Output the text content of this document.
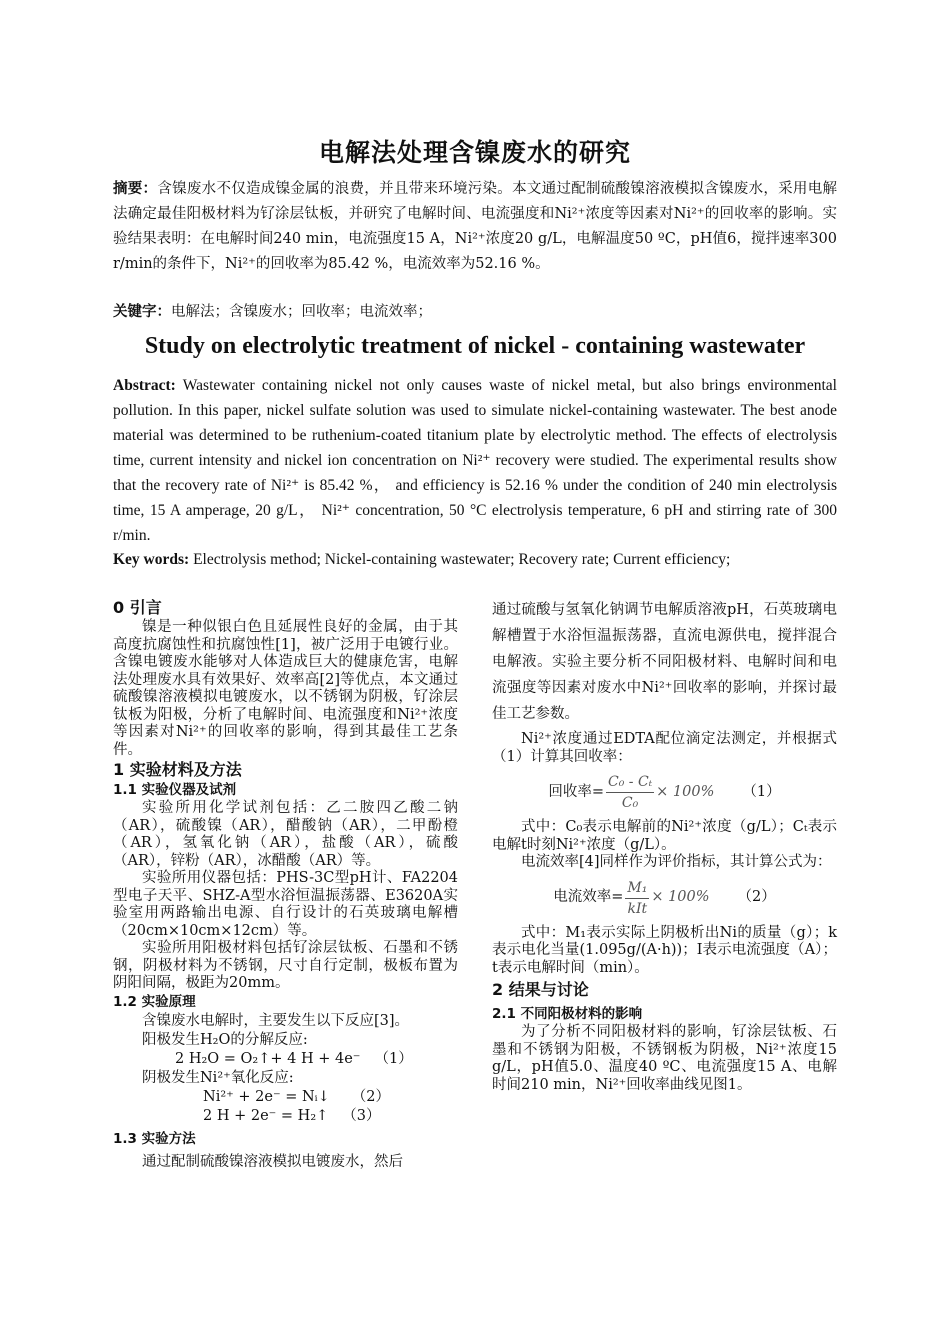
电解法处理含镍废水的研究
摘要：含镍废水不仅造成镍金属的浪费，并且带来环境污染。本文通过配制硫酸镍溶液模拟含镍废水，采用电解法确定最佳阳极材料为钌涂层钛板，并研究了电解时间、电流强度和Ni²⁺浓度等因素对Ni²⁺的回收率的影响。实验结果表明：在电解时间240 min，电流强度15 A，Ni²⁺浓度20 g/L，电解温度50 ºC，pH值6，搅拌速率300 r/min的条件下，Ni²⁺的回收率为85.42 %，电流效率为52.16 %。
关键字：电解法；含镍废水；回收率；电流效率；
Study on electrolytic treatment of nickel - containing wastewater
Abstract: Wastewater containing nickel not only causes waste of nickel metal, but also brings environmental pollution. In this paper, nickel sulfate solution was used to simulate nickel-containing wastewater. The best anode material was determined to be ruthenium-coated titanium plate by electrolytic method. The effects of electrolysis time, current intensity and nickel ion concentration on Ni²⁺ recovery were studied. The experimental results show that the recovery rate of Ni²⁺ is 85.42 %， and efficiency is 52.16 % under the condition of 240 min electrolysis time, 15 A amperage, 20 g/L， Ni²⁺ concentration, 50 °C electrolysis temperature, 6 pH and stirring rate of 300 r/min.
Key words: Electrolysis method; Nickel-containing wastewater; Recovery rate; Current efficiency;
0 引言
镍是一种似银白色且延展性良好的金属，由于其高度抗腐蚀性和抗腐蚀性[1]，被广泛用于电镀行业。含镍电镀废水能够对人体造成巨大的健康危害，电解法处理废水具有效果好、效率高[2]等优点，本文通过硫酸镍溶液模拟电镀废水，以不锈钢为阴极，钌涂层钛板为阳极，分析了电解时间、电流强度和Ni²⁺浓度等因素对Ni²⁺的回收率的影响，得到其最佳工艺条件。
1 实验材料及方法
1.1 实验仪器及试剂
实验所用化学试剂包括：乙二胺四乙酸二钠（AR），硫酸镍（AR），醋酸钠（AR），二甲酚橙（AR），氢氧化钠（AR），盐酸（AR），硫酸（AR），锌粉（AR），冰醋酸（AR）等。
实验所用仪器包括：PHS-3C型pH计、FA2204型电子天平、SHZ-A型水浴恒温振荡器、E3620A实验室用两路输出电源、自行设计的石英玻璃电解槽（20cm×10cm×12cm）等。
实验所用阳极材料包括钌涂层钛板、石墨和不锈钢，阴极材料为不锈钢，尺寸自行定制，极板布置为阴阳间隔，极距为20mm。
1.2 实验原理
含镍废水电解时，主要发生以下反应[3]。
阳极发生H₂O的分解反应:
2 H₂O = O₂↑+ 4 H + 4e⁻ （1）
阴极发生Ni²⁺氧化反应:
Ni²⁺ + 2e⁻ = Nᵢ↓ （2）
2 H + 2e⁻ = H₂↑ （3）
1.3 实验方法
通过配制硫酸镍溶液模拟电镀废水，然后
通过硫酸与氢氧化钠调节电解质溶液pH，石英玻璃电解槽置于水浴恒温振荡器，直流电源供电，搅拌混合电解液。实验主要分析不同阳极材料、电解时间和电流强度等因素对废水中Ni²⁺回收率的影响，并探讨最佳工艺参数。
Ni²⁺浓度通过EDTA配位滴定法测定，并根据式（1）计算其回收率：
回收率= $\frac{\text{C₀ - Cₜ}}{\text{C₀}} \times 100\%$ （1）
式中：C₀表示电解前的Ni²⁺浓度（g/L）；Cₜ表示电解t时刻Ni²⁺浓度（g/L）。
电流效率[4]同样作为评价指标，其计算公式为：
电流效率= $\frac{\text{M₁}}{\text{kIt}} \times 100\%$ （2）
式中：M₁表示实际上阴极析出Ni的质量（g）；k表示电化当量(1.095g/(A·h))；I表示电流强度（A）；t表示电解时间（min）。
2 结果与讨论
2.1 不同阳极材料的影响
为了分析不同阳极材料的影响，钌涂层钛板、石墨和不锈钢为阳极，不锈钢板为阴极，Ni²⁺浓度15 g/L，pH值5.0、温度40 ºC、电流强度15 A、电解时间210 min，Ni²⁺回收率曲线见图1。
